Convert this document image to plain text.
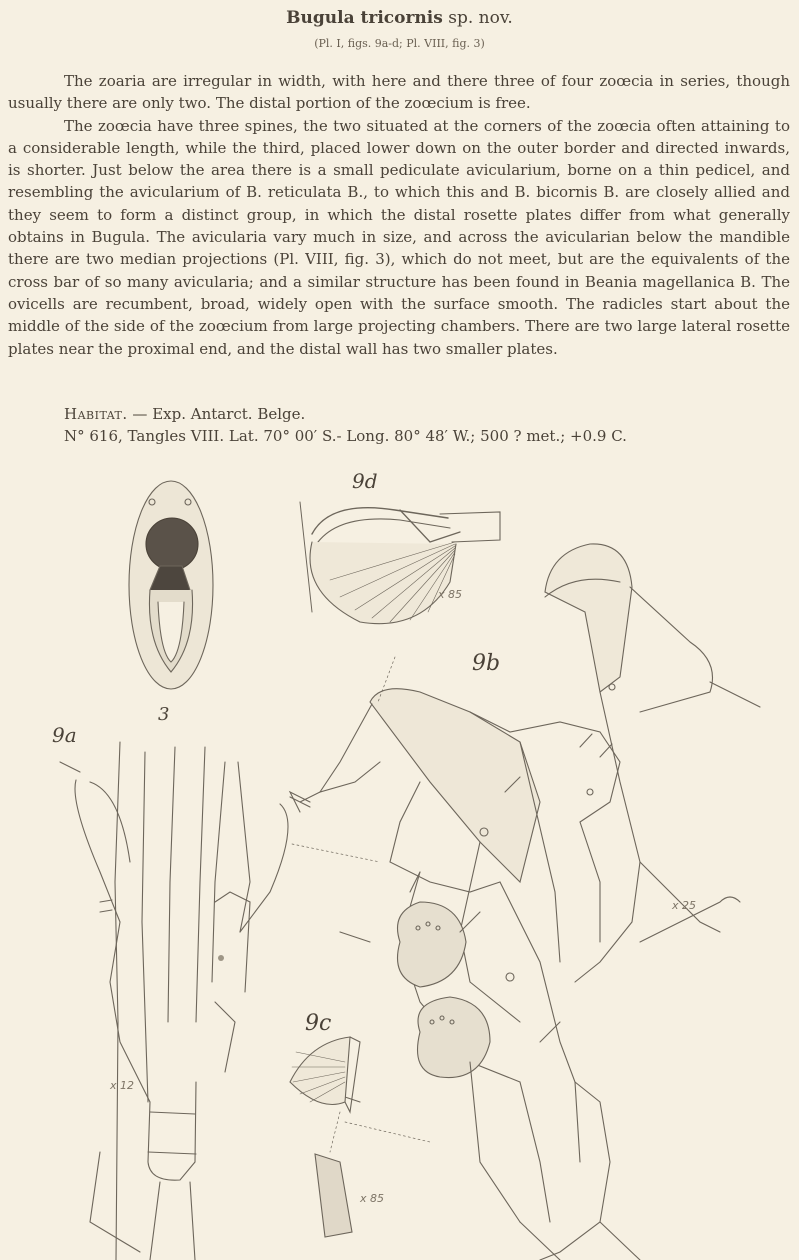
Bugula tricornis sp. nov.
(Pl. I, figs. 9a-d; Pl. VIII, fig. 3)

The zoaria are irregular in width, with here and there three of four zoœcia in series, though usually there are only two. The distal portion of the zoœcium is free.

The zoœcia have three spines, the two situated at the corners of the zoœcia often attaining to a considerable length, while the third, placed lower down on the outer border and directed inwards, is shorter. Just below the area there is a small pediculate avicularium, borne on a thin pedicel, and resembling the avicularium of B. reticulata B., to which this and B. bicornis B. are closely allied and they seem to form a distinct group, in which the distal rosette plates differ from what generally obtains in Bugula. The avicularia vary much in size, and across the avicularian below the mandible there are two median projections (Pl. VIII, fig. 3), which do not meet, but are the equivalents of the cross bar of so many avicularia; and a similar structure has been found in Beania magellanica B. The ovicells are recumbent, broad, widely open with the surface smooth. The radicles start about the middle of the side of the zoœcium from large projecting chambers. There are two large lateral rosette plates near the proximal end, and the distal wall has two smaller plates.

Habitat. — Exp. Antarct. Belge.
N° 616, Tangles VIII. Lat. 70° 00′ S.- Long. 80° 48′ W.; 500 ? met.; +0.9 C.
3
9d
9b
9a
9c
x 12
x 25
x 85
x 85
